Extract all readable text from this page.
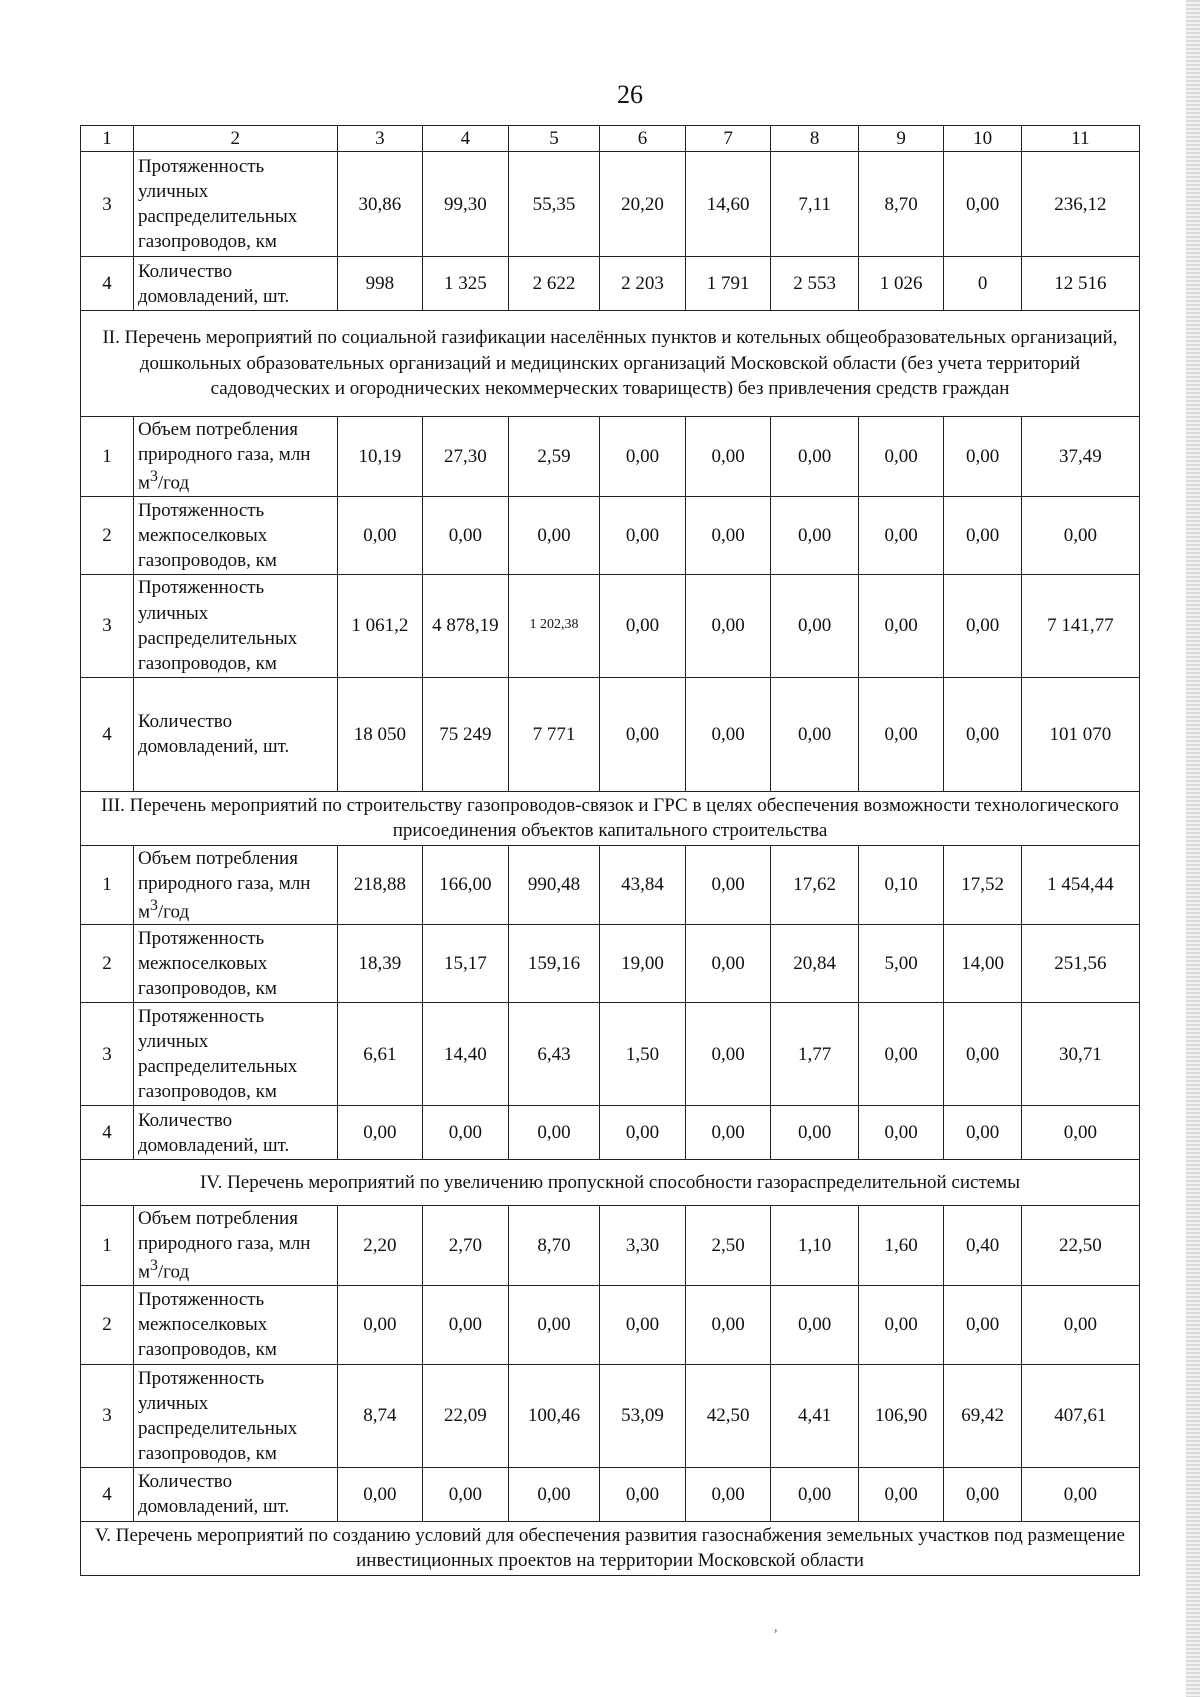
26
1	2	3	4	5	6	7	8	9	10	11
3	Протяженность уличных распределительных газопроводов, км	30,86	99,30	55,35	20,20	14,60	7,11	8,70	0,00	236,12
4	Количество домовладений, шт.	998	1 325	2 622	2 203	1 791	2 553	1 026	0	12 516
II. Перечень мероприятий по социальной газификации населённых пунктов и котельных общеобразовательных организаций, дошкольных образовательных организаций и медицинских организаций Московской области (без учета территорий садоводческих и огороднических некоммерческих товариществ) без привлечения средств граждан										
1	Объем потребления природного газа, млн $м^3$/год	10,19	27,30	2,59	0,00	0,00	0,00	0,00	0,00	37,49
2	Протяженность межпоселковых газопроводов, км	0,00	0,00	0,00	0,00	0,00	0,00	0,00	0,00	0,00
3	Протяженность уличных распределительных газопроводов, км	1 061,2	4 878,19	1 202,38	0,00	0,00	0,00	0,00	0,00	7 141,77
4	Количество домовладений, шт.	18 050	75 249	7 771	0,00	0,00	0,00	0,00	0,00	101 070
III. Перечень мероприятий по строительству газопроводов-связок и ГРС в целях обеспечения возможности технологического присоединения объектов капитального строительства										
1	Объем потребления природного газа, млн $м^3$/год	218,88	166,00	990,48	43,84	0,00	17,62	0,10	17,52	1 454,44
2	Протяженность межпоселковых газопроводов, км	18,39	15,17	159,16	19,00	0,00	20,84	5,00	14,00	251,56
3	Протяженность уличных распределительных газопроводов, км	6,61	14,40	6,43	1,50	0,00	1,77	0,00	0,00	30,71
4	Количество домовладений, шт.	0,00	0,00	0,00	0,00	0,00	0,00	0,00	0,00	0,00
IV. Перечень мероприятий по увеличению пропускной способности газораспределительной системы										
1	Объем потребления природного газа, млн $м^3$/год	2,20	2,70	8,70	3,30	2,50	1,10	1,60	0,40	22,50
2	Протяженность межпоселковых газопроводов, км	0,00	0,00	0,00	0,00	0,00	0,00	0,00	0,00	0,00
3	Протяженность уличных распределительных газопроводов, км	8,74	22,09	100,46	53,09	42,50	4,41	106,90	69,42	407,61
4	Количество домовладений, шт.	0,00	0,00	0,00	0,00	0,00	0,00	0,00	0,00	0,00
V. Перечень мероприятий по созданию условий для обеспечения развития газоснабжения земельных участков под размещение инвестиционных проектов на территории Московской области										
,
